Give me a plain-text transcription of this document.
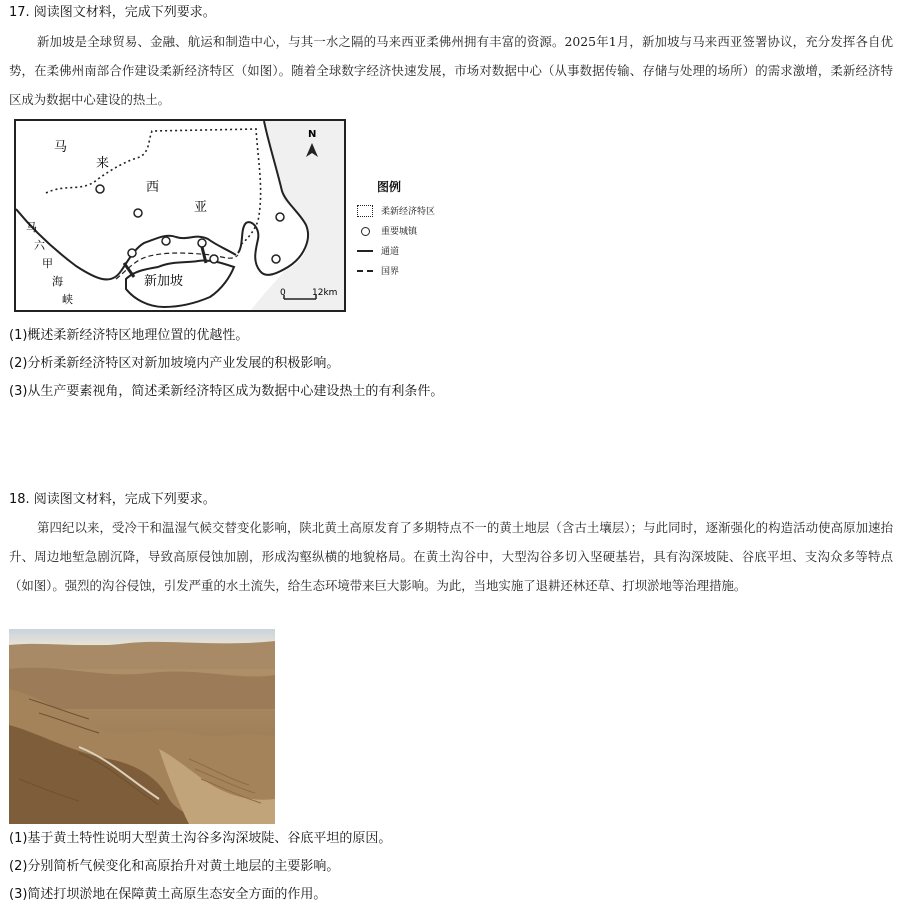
17. 阅读图文材料，完成下列要求。

新加坡是全球贸易、金融、航运和制造中心，与其一水之隔的马来西亚柔佛州拥有丰富的资源。2025年1月，新加坡与马来西亚签署协议，充分发挥各自优势，在柔佛州南部合作建设柔新经济特区（如图）。随着全球数字经济快速发展，市场对数据中心（从事数据传输、存储与处理的场所）的需求激增，柔新经济特区成为数据中心建设的热土。

N
马
来
西
亚
新加坡
马
六
甲
海
峡	0	12km
图例
柔新经济特区
重要城镇
通道
国界
(1)概述柔新经济特区地理位置的优越性。
(2)分析柔新经济特区对新加坡境内产业发展的积极影响。
(3)从生产要素视角，简述柔新经济特区成为数据中心建设热土的有利条件。
18. 阅读图文材料，完成下列要求。

第四纪以来，受冷干和温湿气候交替变化影响，陕北黄土高原发育了多期特点不一的黄土地层（含古土壤层）；与此同时，逐渐强化的构造活动使高原加速抬升、周边地堑急剧沉降，导致高原侵蚀加剧，形成沟壑纵横的地貌格局。在黄土沟谷中，大型沟谷多切入坚硬基岩，具有沟深坡陡、谷底平坦、支沟众多等特点（如图）。强烈的沟谷侵蚀，引发严重的水土流失，给生态环境带来巨大影响。为此，当地实施了退耕还林还草、打坝淤地等治理措施。

(1)基于黄土特性说明大型黄土沟谷多沟深坡陡、谷底平坦的原因。
(2)分别简析气候变化和高原抬升对黄土地层的主要影响。
(3)简述打坝淤地在保障黄土高原生态安全方面的作用。
